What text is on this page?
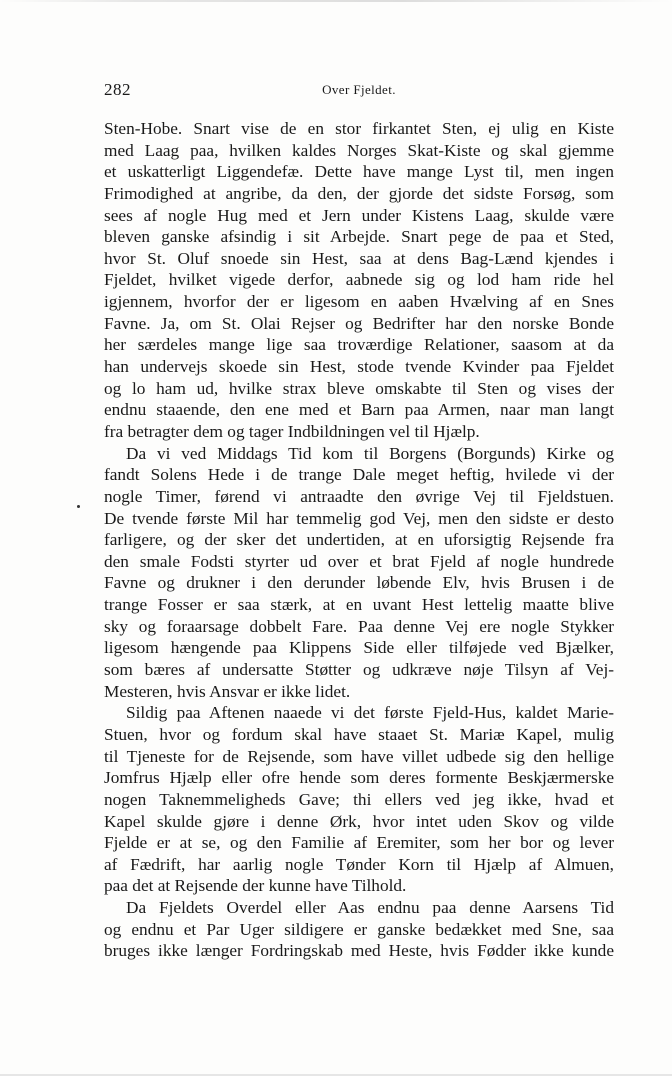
282	Over Fjeldet.
Sten-Hobe. Snart vise de en stor firkantet Sten, ej ulig en Kiste
med Laag paa, hvilken kaldes Norges Skat-Kiste og skal gjemme
et uskatterligt Liggendefæ. Dette have mange Lyst til, men ingen
Frimodighed at angribe, da den, der gjorde det sidste Forsøg, som
sees af nogle Hug med et Jern under Kistens Laag, skulde være
bleven ganske afsindig i sit Arbejde. Snart pege de paa et Sted,
hvor St. Oluf snoede sin Hest, saa at dens Bag-Lænd kjendes i
Fjeldet, hvilket vigede derfor, aabnede sig og lod ham ride hel
igjennem, hvorfor der er ligesom en aaben Hvælving af en Snes
Favne. Ja, om St. Olai Rejser og Bedrifter har den norske Bonde
her særdeles mange lige saa troværdige Relationer, saasom at da
han undervejs skoede sin Hest, stode tvende Kvinder paa Fjeldet
og lo ham ud, hvilke strax bleve omskabte til Sten og vises der
endnu staaende, den ene med et Barn paa Armen, naar man langt
fra betragter dem og tager Indbildningen vel til Hjælp.
Da vi ved Middags Tid kom til Borgens (Borgunds) Kirke og
fandt Solens Hede i de trange Dale meget heftig, hvilede vi der
nogle Timer, førend vi antraadte den øvrige Vej til Fjeldstuen.
De tvende første Mil har temmelig god Vej, men den sidste er desto
farligere, og der sker det undertiden, at en uforsigtig Rejsende fra
den smale Fodsti styrter ud over et brat Fjeld af nogle hundrede
Favne og drukner i den derunder løbende Elv, hvis Brusen i de
trange Fosser er saa stærk, at en uvant Hest lettelig maatte blive
sky og foraarsage dobbelt Fare. Paa denne Vej ere nogle Stykker
ligesom hængende paa Klippens Side eller tilføjede ved Bjælker,
som bæres af undersatte Støtter og udkræve nøje Tilsyn af Vej-
Mesteren, hvis Ansvar er ikke lidet.
Sildig paa Aftenen naaede vi det første Fjeld-Hus, kaldet Marie-
Stuen, hvor og fordum skal have staaet St. Mariæ Kapel, mulig
til Tjeneste for de Rejsende, som have villet udbede sig den hellige
Jomfrus Hjælp eller ofre hende som deres formente Beskjærmerske
nogen Taknemmeligheds Gave; thi ellers ved jeg ikke, hvad et
Kapel skulde gjøre i denne Ørk, hvor intet uden Skov og vilde
Fjelde er at se, og den Familie af Eremiter, som her bor og lever
af Fædrift, har aarlig nogle Tønder Korn til Hjælp af Almuen,
paa det at Rejsende der kunne have Tilhold.
Da Fjeldets Overdel eller Aas endnu paa denne Aarsens Tid
og endnu et Par Uger sildigere er ganske bedækket med Sne, saa
bruges ikke længer Fordringskab med Heste, hvis Fødder ikke kunde
